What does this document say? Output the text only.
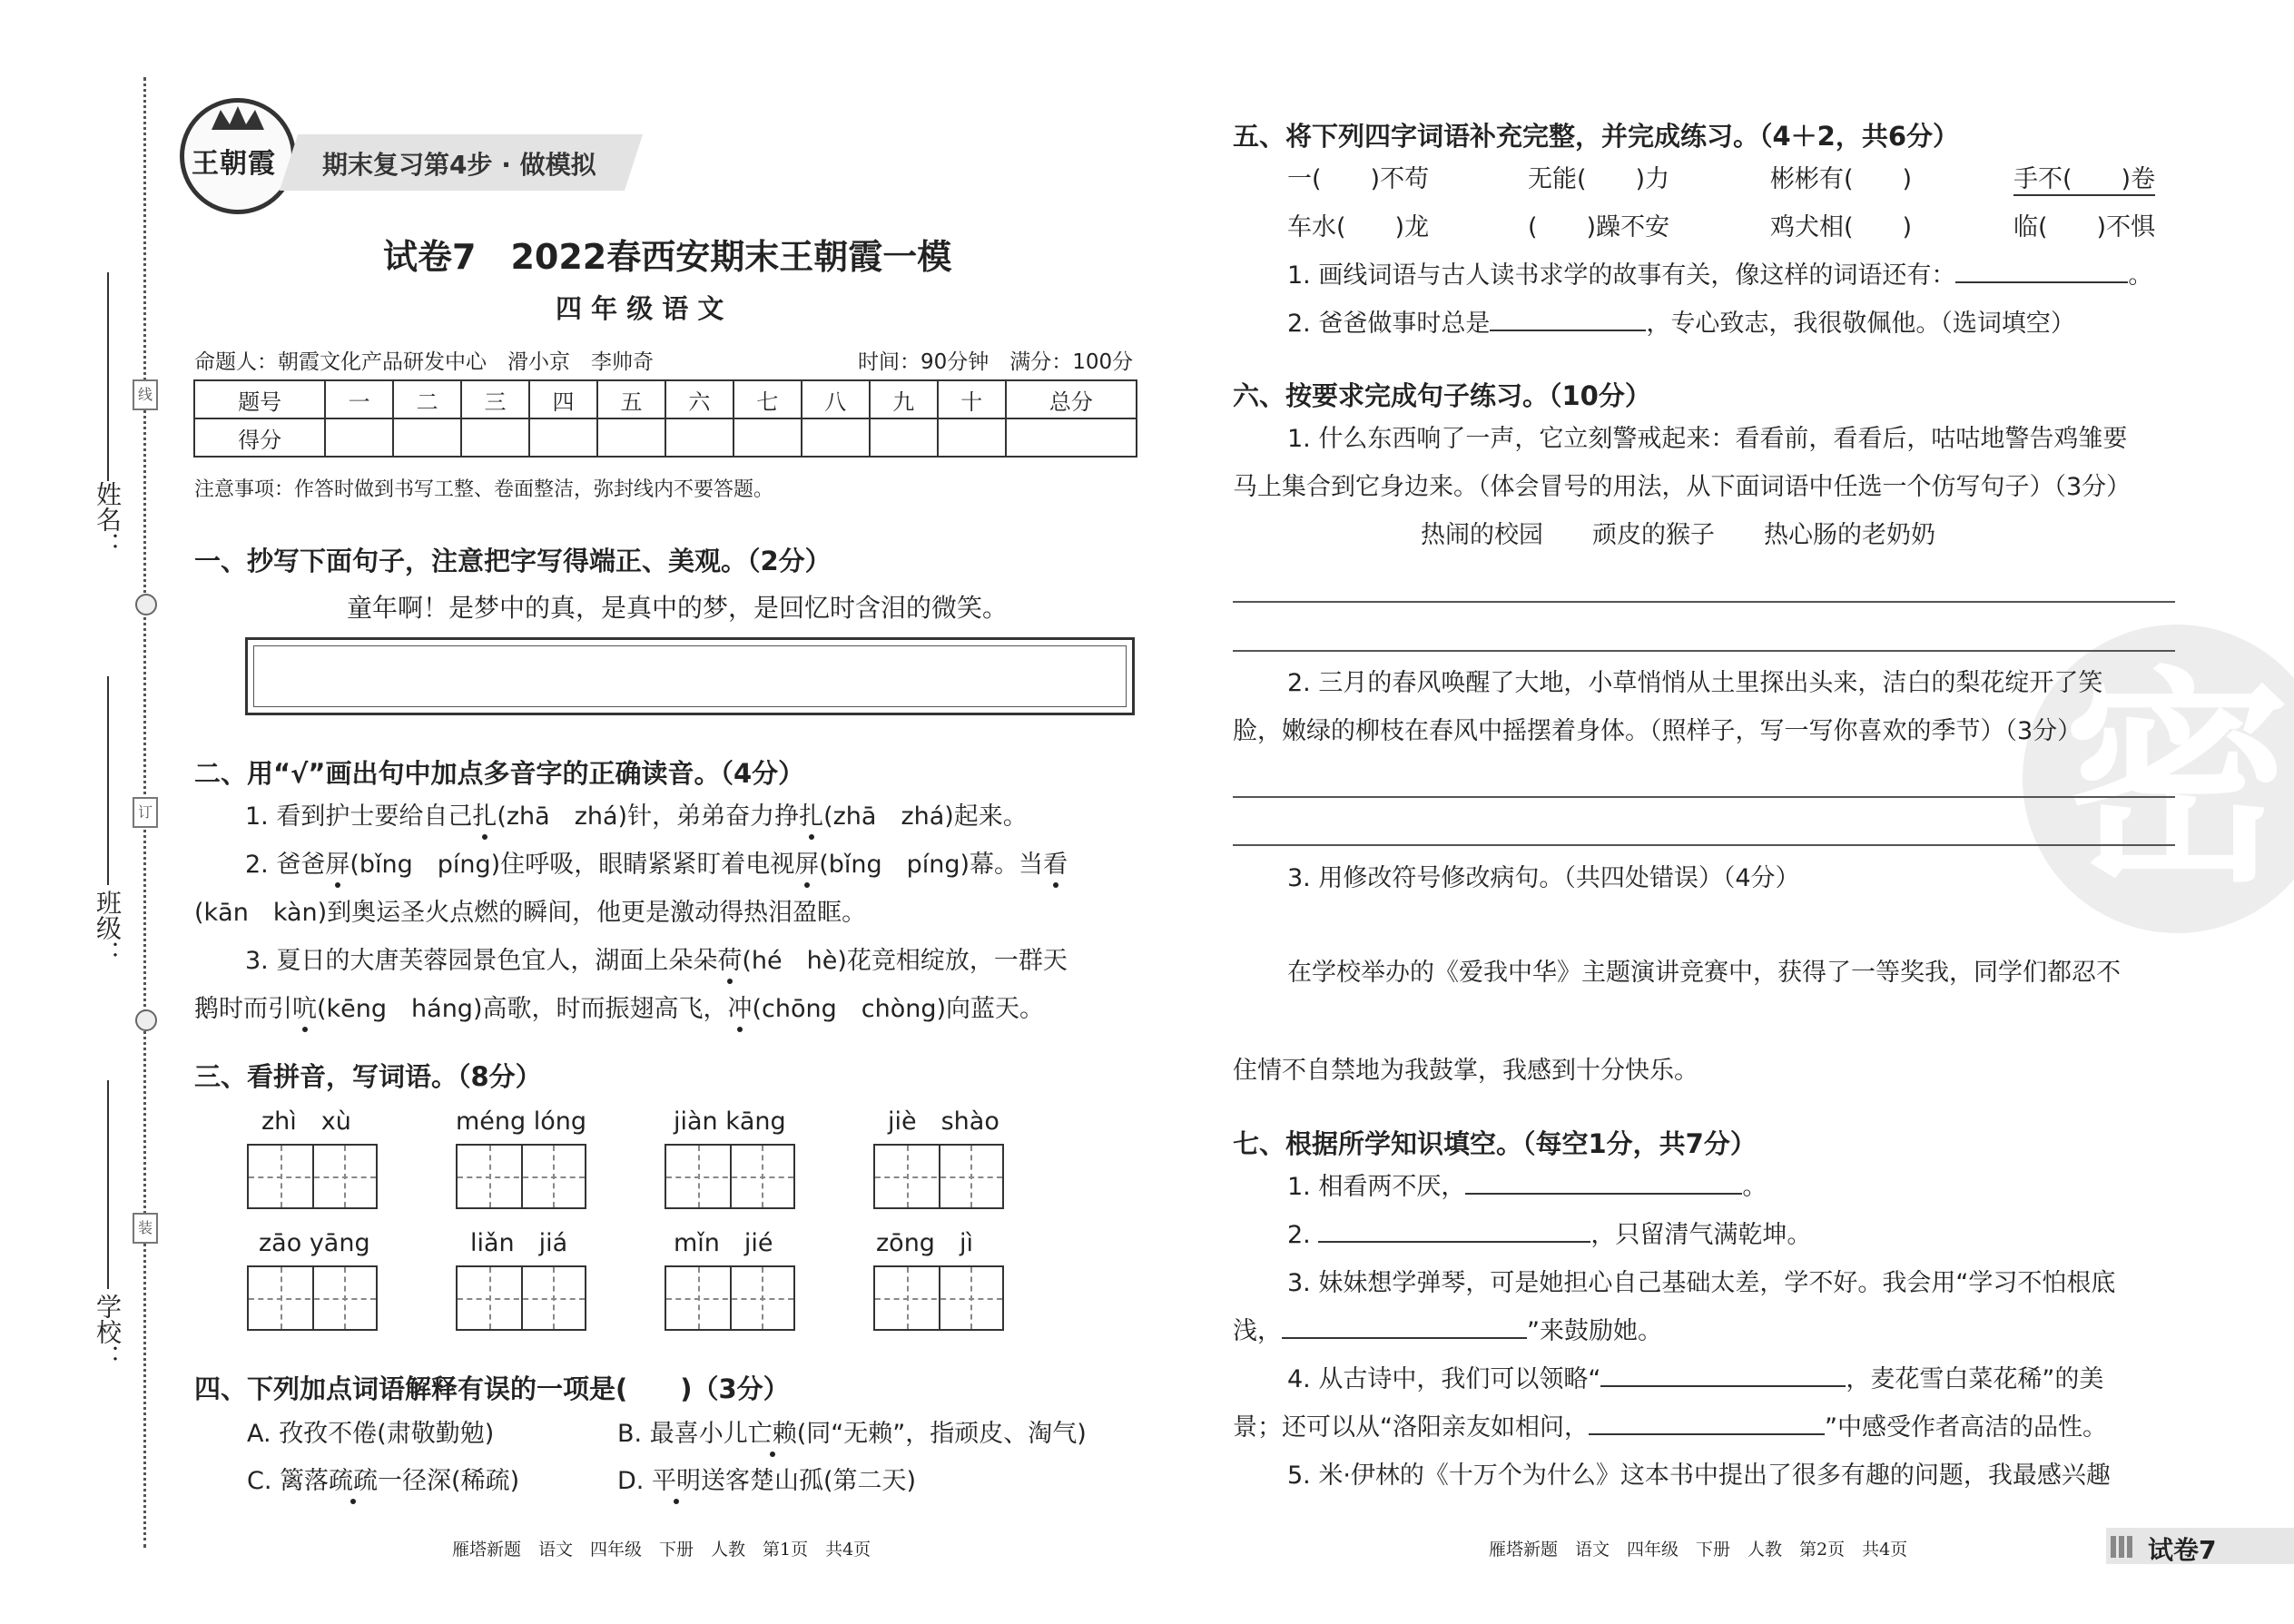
线
订
装
姓名：
班级：
学校：
王朝霞 期末复习第4步 · 做模拟
试卷7　2022春西安期末王朝霞一模
四 年 级 语 文
命题人：朝霞文化产品研发中心　滑小京　李帅奇	时间：90分钟　满分：100分
题号	一	二	三	四	五	六	七	八	九	十	总分
得分											
注意事项：作答时做到书写工整、卷面整洁，弥封线内不要答题。
一、抄写下面句子，注意把字写得端正、美观。（2分）
童年啊！是梦中的真，是真中的梦，是回忆时含泪的微笑。
二、用“√”画出句中加点多音字的正确读音。（4分）
1. 看到护士要给自己扎(zhā　zhá)针，弟弟奋力挣扎(zhā　zhá)起来。
2. 爸爸屏(bǐng　píng)住呼吸，眼睛紧紧盯着电视屏(bǐng　píng)幕。当看
(kān　kàn)到奥运圣火点燃的瞬间，他更是激动得热泪盈眶。
3. 夏日的大唐芙蓉园景色宜人，湖面上朵朵荷(hé　hè)花竞相绽放，一群天
鹅时而引吭(kēng　háng)高歌，时而振翅高飞，冲(chōng　chòng)向蓝天。
三、看拼音，写词语。（8分）
zhì　xù	méng lóng	jiàn kāng	jiè　shào
zāo yāng	liǎn　jiá	mǐn　jié	zōng　jì
四、下列加点词语解释有误的一项是(　　)（3分）
A. 孜孜不倦(肃敬勤勉)	B. 最喜小儿亡赖(同“无赖”，指顽皮、淘气)
C. 篱落疏疏一径深(稀疏)	D. 平明送客楚山孤(第二天)
雁塔新题　语文　四年级　下册　人教　第1页　共4页
密
五、将下列四字词语补充完整，并完成练习。（4＋2，共6分）
一(　　)不苟	无能(　　)力	彬彬有(　　)	手不(　　)卷
车水(　　)龙	(　　)躁不安	鸡犬相(　　)	临(　　)不惧
1. 画线词语与古人读书求学的故事有关，像这样的词语还有：	。
2. 爸爸做事时总是	，专心致志，我很敬佩他。（选词填空）
六、按要求完成句子练习。（10分）
1. 什么东西响了一声，它立刻警戒起来：看看前，看看后，咕咕地警告鸡雏要
马上集合到它身边来。（体会冒号的用法，从下面词语中任选一个仿写句子）（3分）
热闹的校园　　顽皮的猴子　　热心肠的老奶奶
2. 三月的春风唤醒了大地，小草悄悄从土里探出头来，洁白的梨花绽开了笑
脸，嫩绿的柳枝在春风中摇摆着身体。（照样子，写一写你喜欢的季节）（3分）
3. 用修改符号修改病句。（共四处错误）（4分）
在学校举办的《爱我中华》主题演讲竞赛中，获得了一等奖我，同学们都忍不
住情不自禁地为我鼓掌，我感到十分快乐。
七、根据所学知识填空。（每空1分，共7分）
1. 相看两不厌，	。
2.	，只留清气满乾坤。
3. 妹妹想学弹琴，可是她担心自己基础太差，学不好。我会用“学习不怕根底
浅，	”来鼓励她。
4. 从古诗中，我们可以领略“	，麦花雪白菜花稀”的美
景；还可以从“洛阳亲友如相问，	”中感受作者高洁的品性。
5. 米·伊林的《十万个为什么》这本书中提出了很多有趣的问题，我最感兴趣
雁塔新题　语文　四年级　下册　人教　第2页　共4页	试卷7
